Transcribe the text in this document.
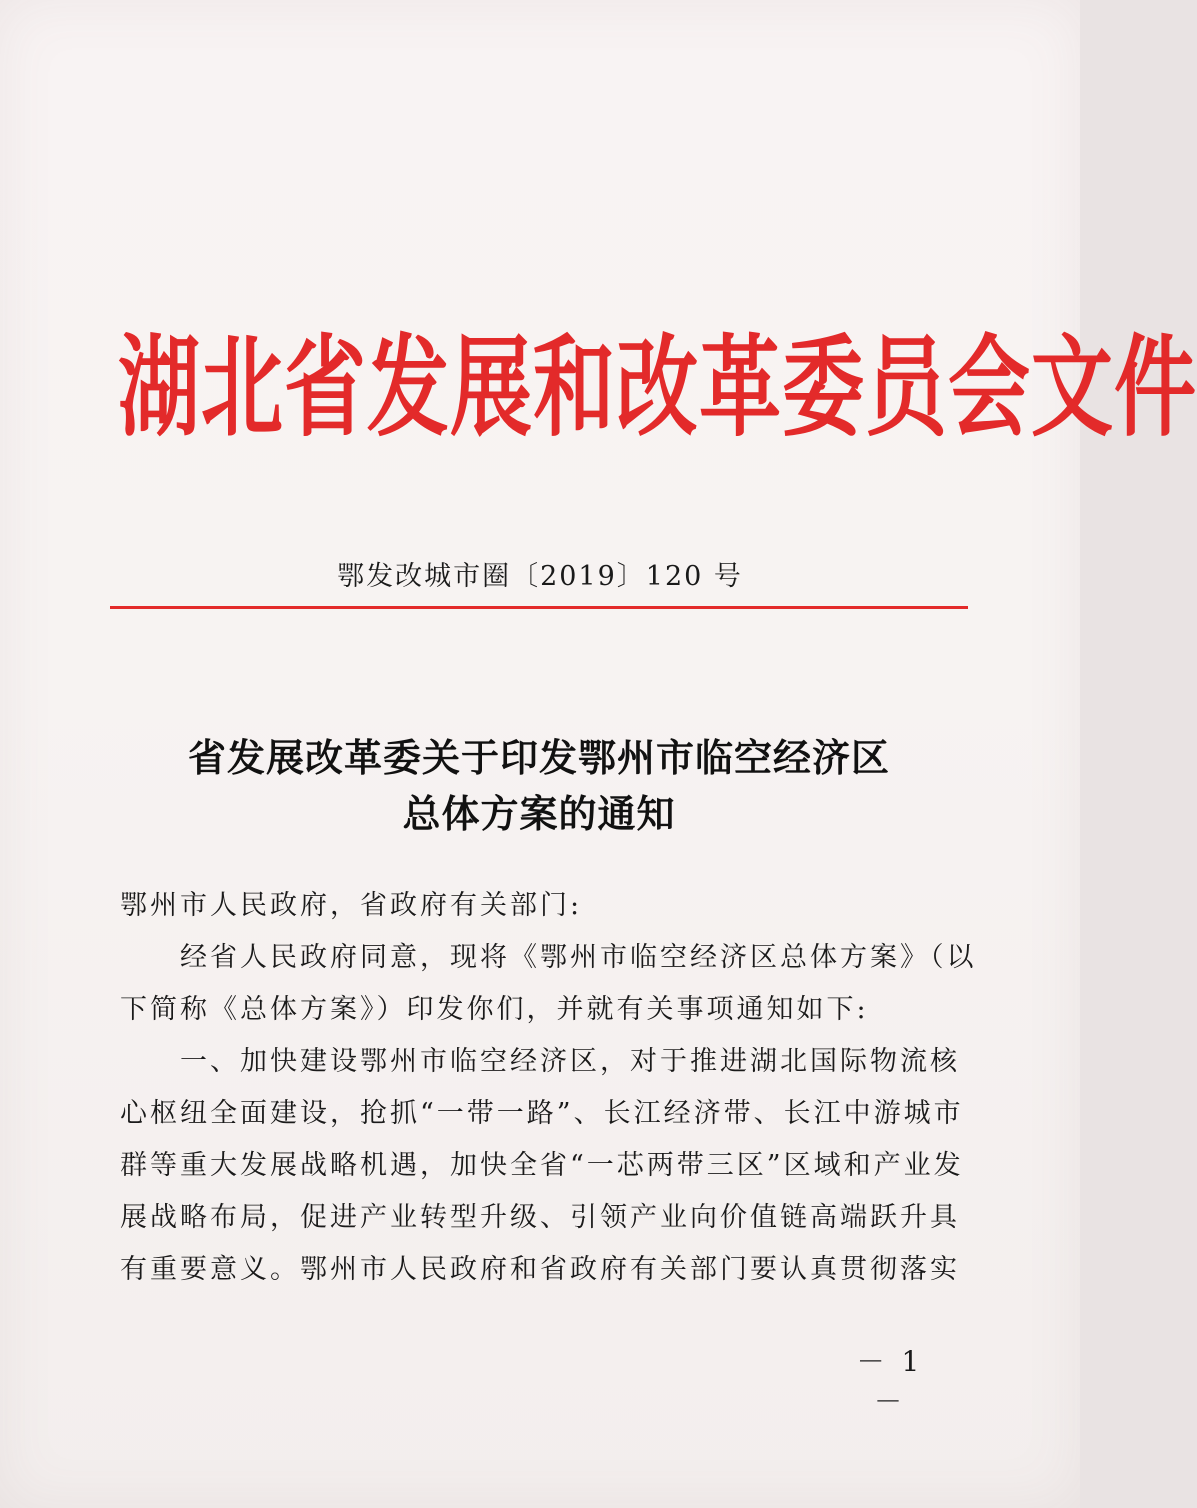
湖北省发展和改革委员会文件
鄂发改城市圈〔2019〕120 号
省发展改革委关于印发鄂州市临空经济区
总体方案的通知
鄂州市人民政府，省政府有关部门:
　　经省人民政府同意，现将《鄂州市临空经济区总体方案》（以
下简称《总体方案》）印发你们，并就有关事项通知如下:
　　一、加快建设鄂州市临空经济区，对于推进湖北国际物流核
心枢纽全面建设，抢抓“一带一路”、长江经济带、长江中游城市
群等重大发展战略机遇，加快全省“一芯两带三区”区域和产业发
展战略布局，促进产业转型升级、引领产业向价值链高端跃升具
有重要意义。鄂州市人民政府和省政府有关部门要认真贯彻落实
－ 1 －
